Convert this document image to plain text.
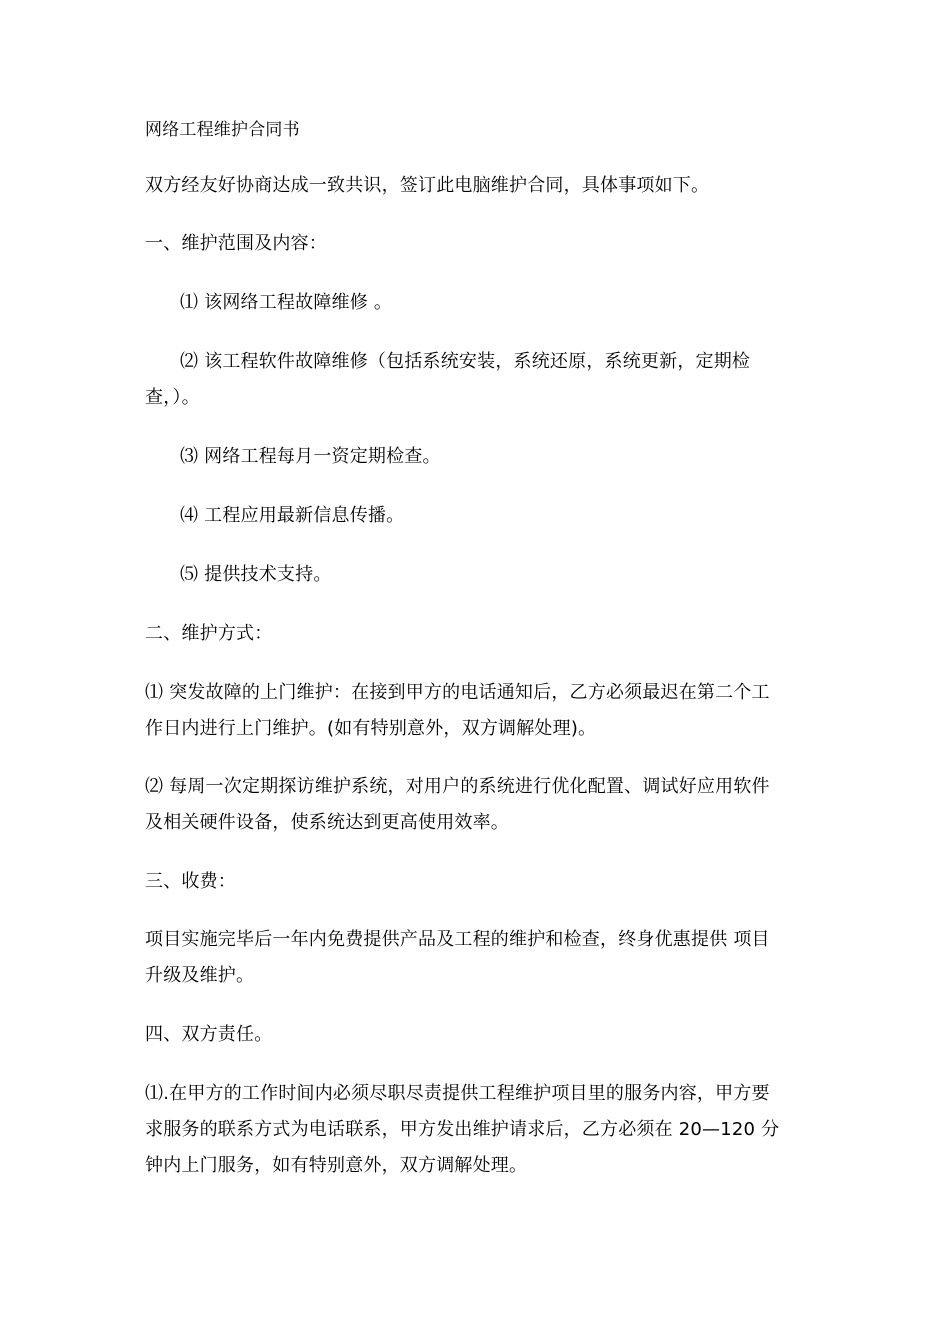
网络工程维护合同书

双方经友好协商达成一致共识，签订此电脑维护合同，具体事项如下。

一、维护范围及内容：

⑴ 该网络工程故障维修 。

⑵ 该工程软件故障维修（包括系统安装，系统还原，系统更新，定期检

查，）。

⑶ 网络工程每月一资定期检查。

⑷ 工程应用最新信息传播。

⑸ 提供技术支持。

二、维护方式：

⑴ 突发故障的上门维护：在接到甲方的电话通知后，乙方必须最迟在第二个工

作日内进行上门维护。(如有特别意外，双方调解处理)。

⑵ 每周一次定期探访维护系统，对用户的系统进行优化配置、调试好应用软件

及相关硬件设备，使系统达到更高使用效率。

三、收费：

项目实施完毕后一年内免费提供产品及工程的维护和检查，终身优惠提供 项目

升级及维护。

四、双方责任。

⑴.在甲方的工作时间内必须尽职尽责提供工程维护项目里的服务内容，甲方要

求服务的联系方式为电话联系，甲方发出维护请求后，乙方必须在 20—120 分

钟内上门服务，如有特别意外，双方调解处理。
